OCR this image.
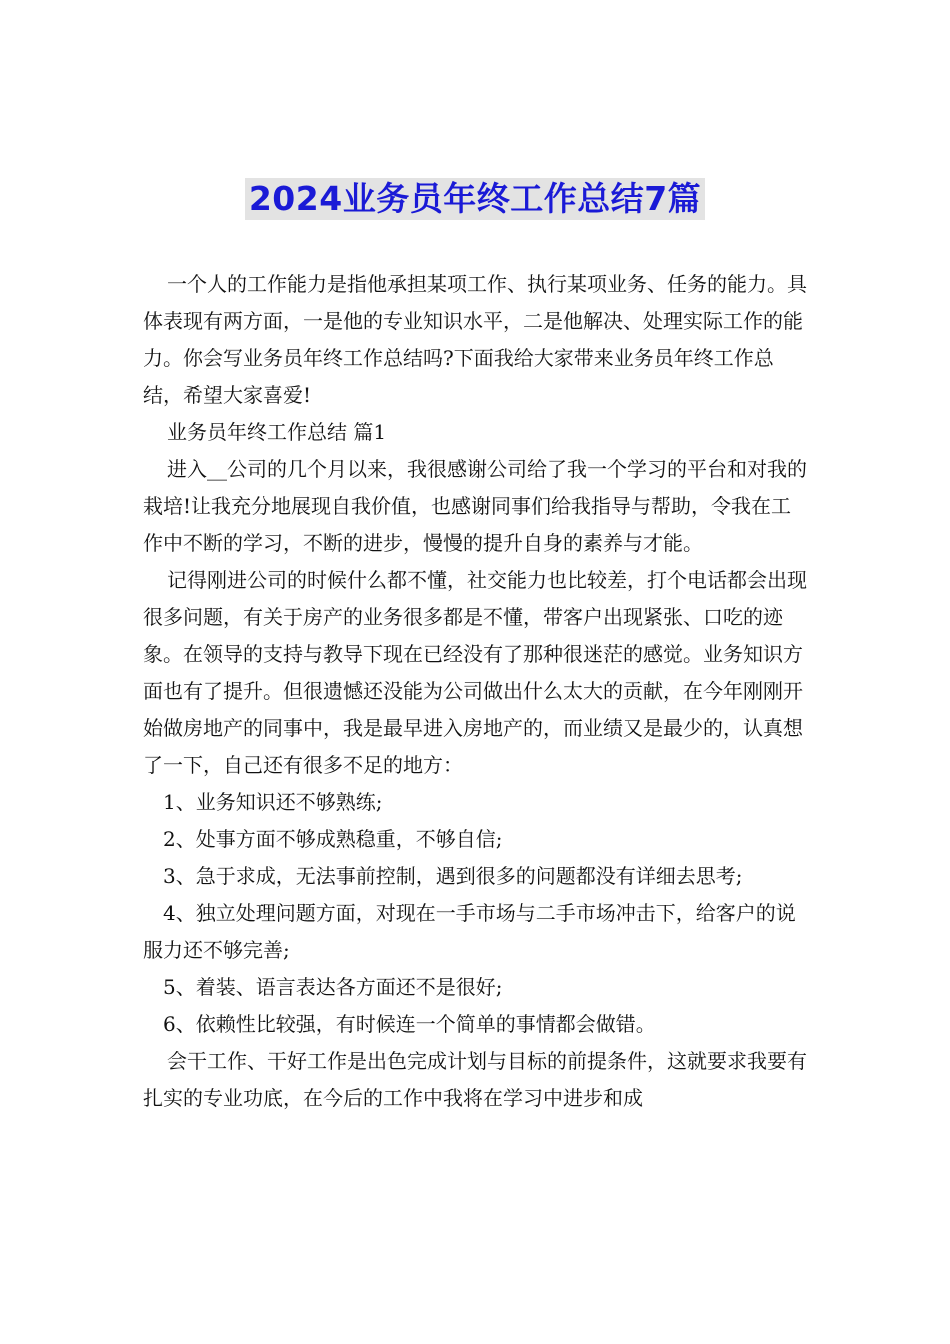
2024业务员年终工作总结7篇

一个人的工作能力是指他承担某项工作、执行某项业务、任务的能力。具体表现有两方面，一是他的专业知识水平，二是他解决、处理实际工作的能力。你会写业务员年终工作总结吗?下面我给大家带来业务员年终工作总结，希望大家喜爱!

业务员年终工作总结 篇1

进入__公司的几个月以来，我很感谢公司给了我一个学习的平台和对我的栽培!让我充分地展现自我价值，也感谢同事们给我指导与帮助，令我在工作中不断的学习，不断的进步，慢慢的提升自身的素养与才能。

记得刚进公司的时候什么都不懂，社交能力也比较差，打个电话都会出现很多问题，有关于房产的业务很多都是不懂，带客户出现紧张、口吃的迹象。在领导的支持与教导下现在已经没有了那种很迷茫的感觉。业务知识方面也有了提升。但很遗憾还没能为公司做出什么太大的贡献，在今年刚刚开始做房地产的同事中，我是最早进入房地产的，而业绩又是最少的，认真想了一下，自己还有很多不足的地方：

1、业务知识还不够熟练;

2、处事方面不够成熟稳重，不够自信;

3、急于求成，无法事前控制，遇到很多的问题都没有详细去思考;

4、独立处理问题方面，对现在一手市场与二手市场冲击下，给客户的说服力还不够完善;

5、着装、语言表达各方面还不是很好;

6、依赖性比较强，有时候连一个简单的事情都会做错。

会干工作、干好工作是出色完成计划与目标的前提条件，这就要求我要有扎实的专业功底，在今后的工作中我将在学习中进步和成
